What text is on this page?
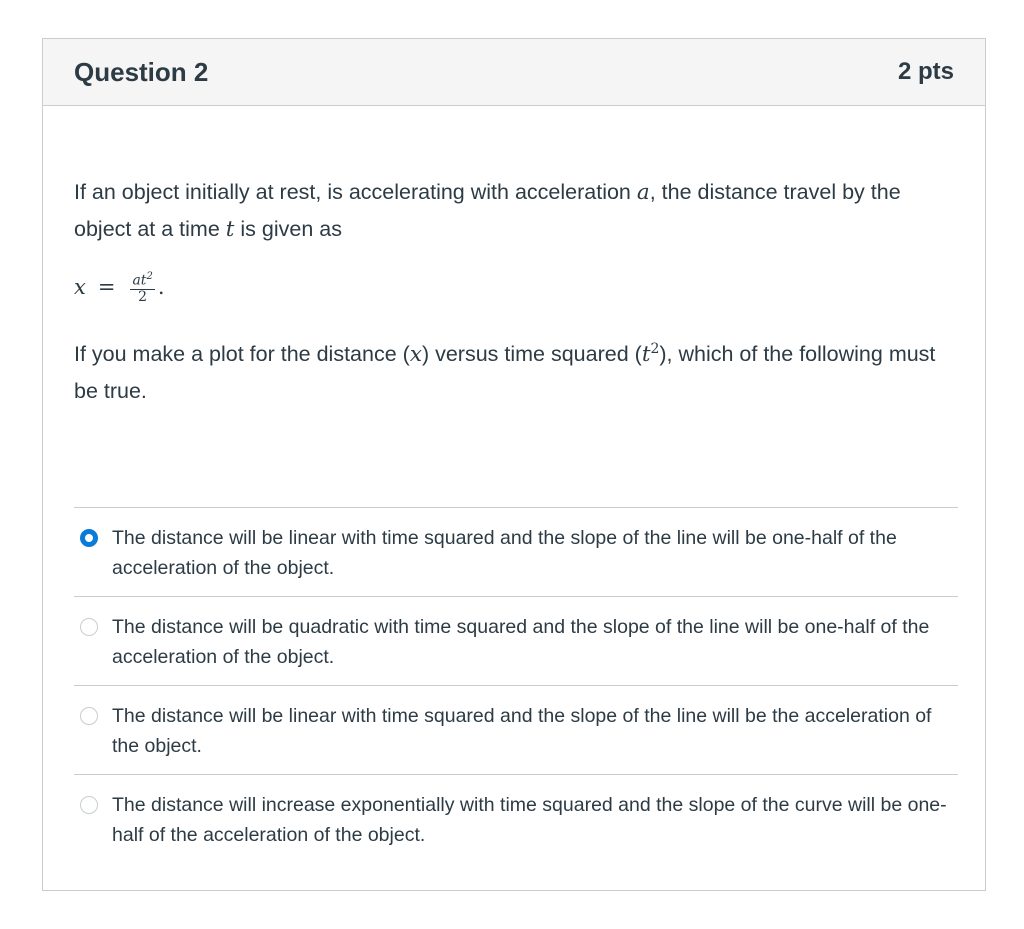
Question 2	2 pts

If an object initially at rest, is accelerating with acceleration a, the distance travel by the object at a time t is given as

$x = \frac{at^2}{2}$ .

If you make a plot for the distance (x) versus time squared $(t^2)$, which of the following must be true.

The distance will be linear with time squared and the slope of the line will be one-half of the acceleration of the object.
The distance will be quadratic with time squared and the slope of the line will be one-half of the acceleration of the object.
The distance will be linear with time squared and the slope of the line will be the acceleration of the object.
The distance will increase exponentially with time squared and the slope of the curve will be one-half of the acceleration of the object.
